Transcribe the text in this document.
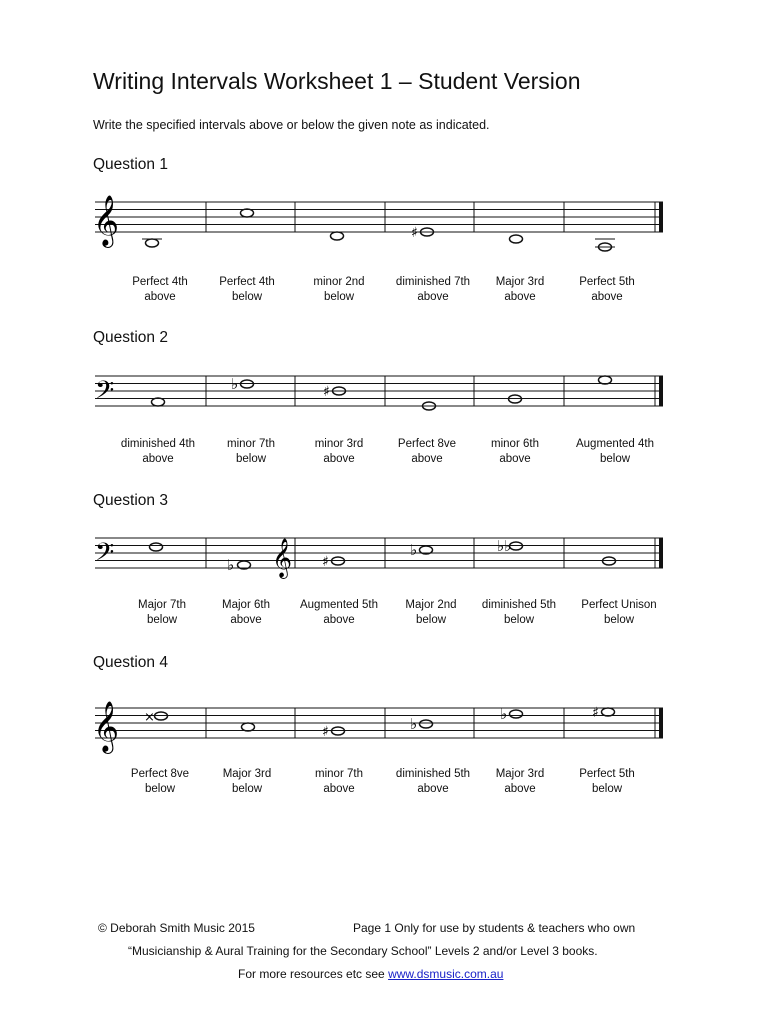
Writing Intervals Worksheet 1 – Student Version
Write the specified intervals above or below the given note as indicated.
Question 1
𝄞	♯
Perfect 4th
above
Perfect 4th
below
minor 2nd
below
diminished 7th
above
Major 3rd
above
Perfect 5th
above
Question 2
𝄢	♭	♯
diminished 4th
above
minor 7th
below
minor 3rd
above
Perfect 8ve
above
minor 6th
above
Augmented 4th
below
Question 3
𝄢	𝄞
♭	♯
♭	♭♭
Major 7th
below
Major 6th
above
Augmented 5th
above
Major 2nd
below
diminished 5th
below
Perfect Unison
below
Question 4
𝄞 ×
♯	♭
♭	♯
Perfect 8ve
below
Major 3rd
below
minor 7th
above
diminished 5th
above
Major 3rd
above
Perfect 5th
below
© Deborah Smith Music 2015	Page 1 Only for use by students & teachers who own
“Musicianship & Aural Training for the Secondary School” Levels 2 and/or Level 3 books.
For more resources etc see www.dsmusic.com.au
